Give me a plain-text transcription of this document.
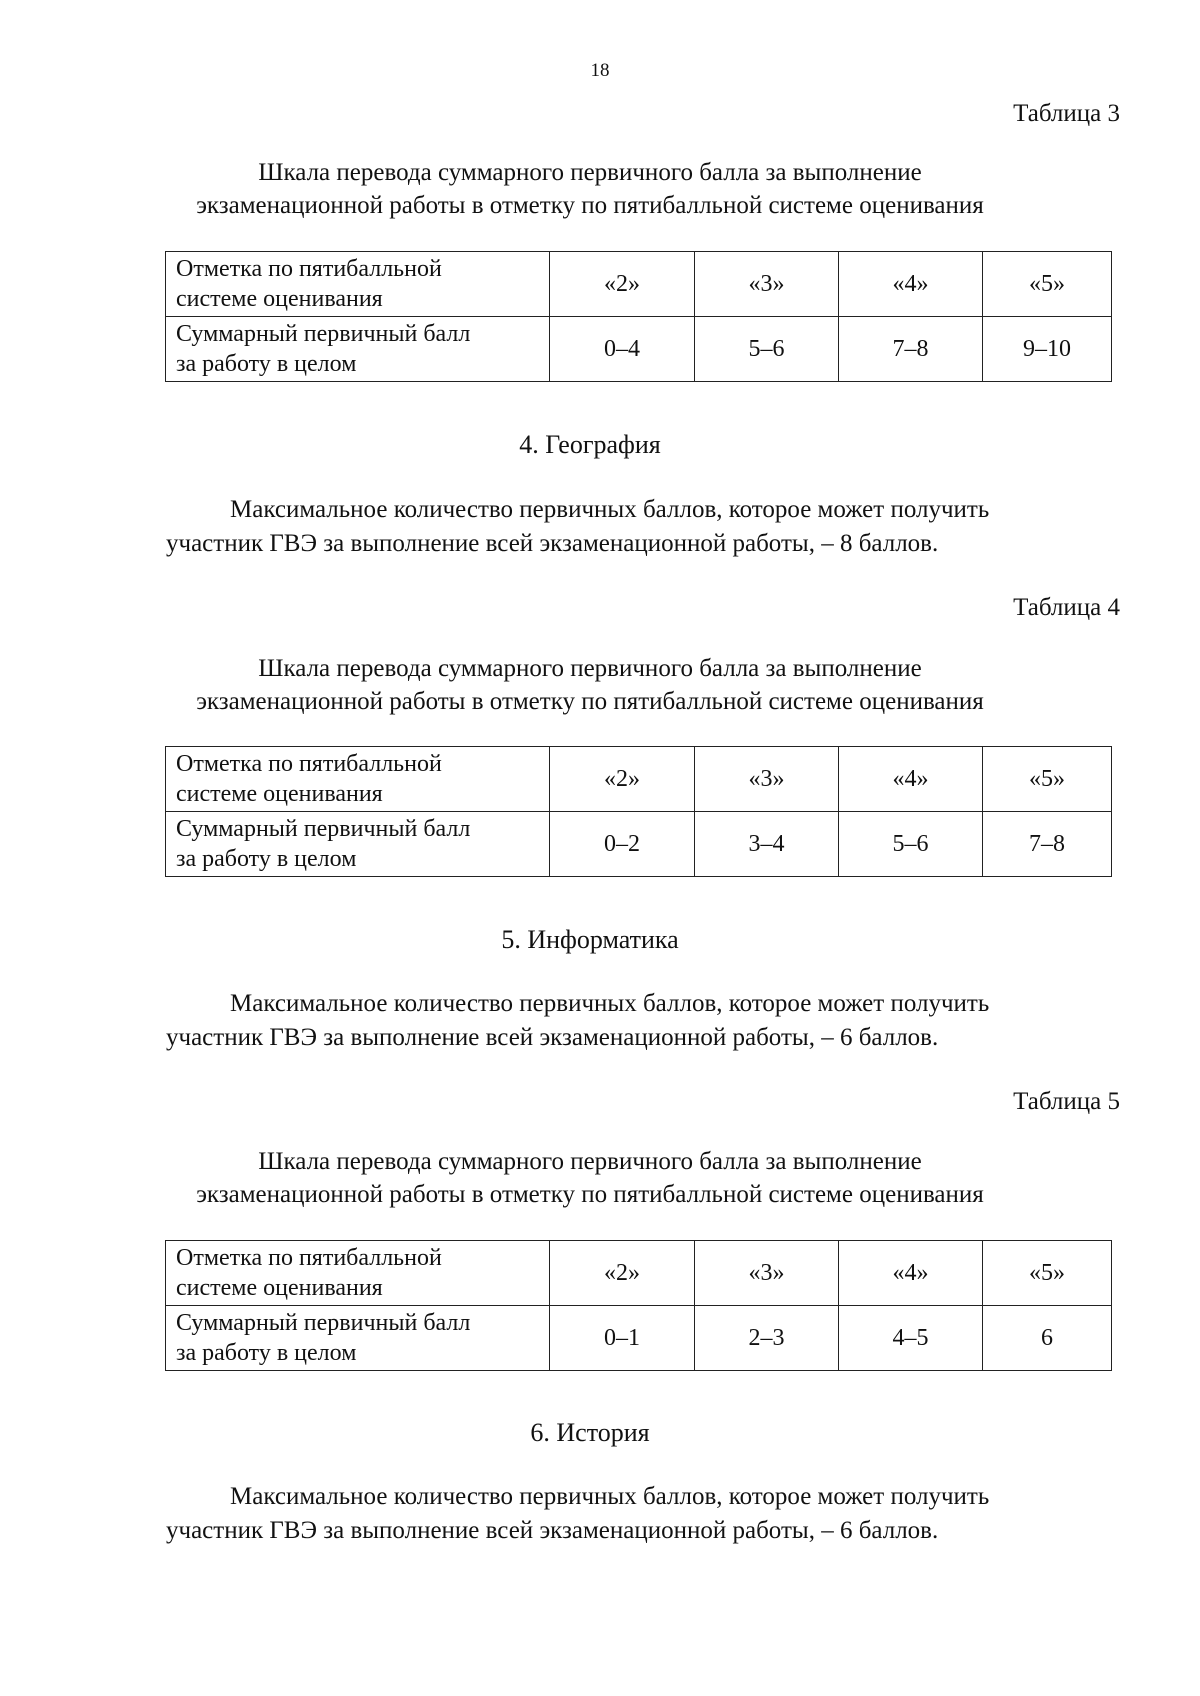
18
Таблица 3
Шкала перевода суммарного первичного балла за выполнение
экзаменационной работы в отметку по пятибалльной системе оценивания
Отметка по пятибалльной
системе оценивания	«2»	«3»	«4»	«5»

Суммарный первичный балл
за работу в целом	0–4	5–6	7–8	9–10
4. География
Максимальное количество первичных баллов, которое может получить
участник ГВЭ за выполнение всей экзаменационной работы, – 8 баллов.
Таблица 4
Шкала перевода суммарного первичного балла за выполнение
экзаменационной работы в отметку по пятибалльной системе оценивания
Отметка по пятибалльной
системе оценивания	«2»	«3»	«4»	«5»

Суммарный первичный балл
за работу в целом	0–2	3–4	5–6	7–8
5. Информатика
Максимальное количество первичных баллов, которое может получить
участник ГВЭ за выполнение всей экзаменационной работы, – 6 баллов.
Таблица 5
Шкала перевода суммарного первичного балла за выполнение
экзаменационной работы в отметку по пятибалльной системе оценивания
Отметка по пятибалльной
системе оценивания	«2»	«3»	«4»	«5»

Суммарный первичный балл
за работу в целом	0–1	2–3	4–5	6
6. История
Максимальное количество первичных баллов, которое может получить
участник ГВЭ за выполнение всей экзаменационной работы, – 6 баллов.
